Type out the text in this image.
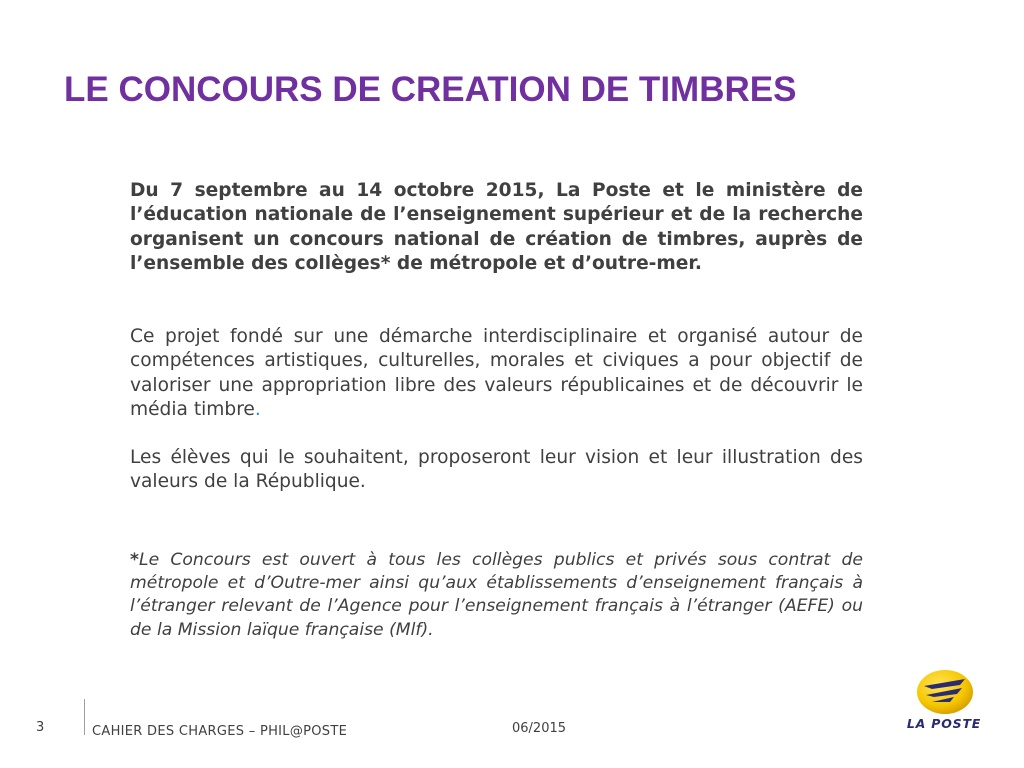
LE CONCOURS DE CREATION DE TIMBRES

Du 7 septembre au 14 octobre 2015, La Poste et le ministère de l’éducation nationale de l’enseignement supérieur et de la recherche organisent un concours national de création de timbres, auprès de l’ensemble des collèges* de métropole et d’outre-mer.

Ce projet fondé sur une démarche interdisciplinaire et organisé autour de compétences artistiques, culturelles, morales et civiques a pour objectif de valoriser une appropriation libre des valeurs républicaines et de découvrir le média timbre.

Les élèves qui le souhaitent, proposeront leur vision et leur illustration des valeurs de la République.

*Le Concours est ouvert à tous les collèges publics et privés sous contrat de métropole et d’Outre-mer ainsi qu’aux établissements d’enseignement français à l’étranger relevant de l’Agence pour l’enseignement français à l’étranger (AEFE) ou de la Mission laïque française (Mlf).

3	CAHIER DES CHARGES – PHIL@POSTE	06/2015	LA POSTE
